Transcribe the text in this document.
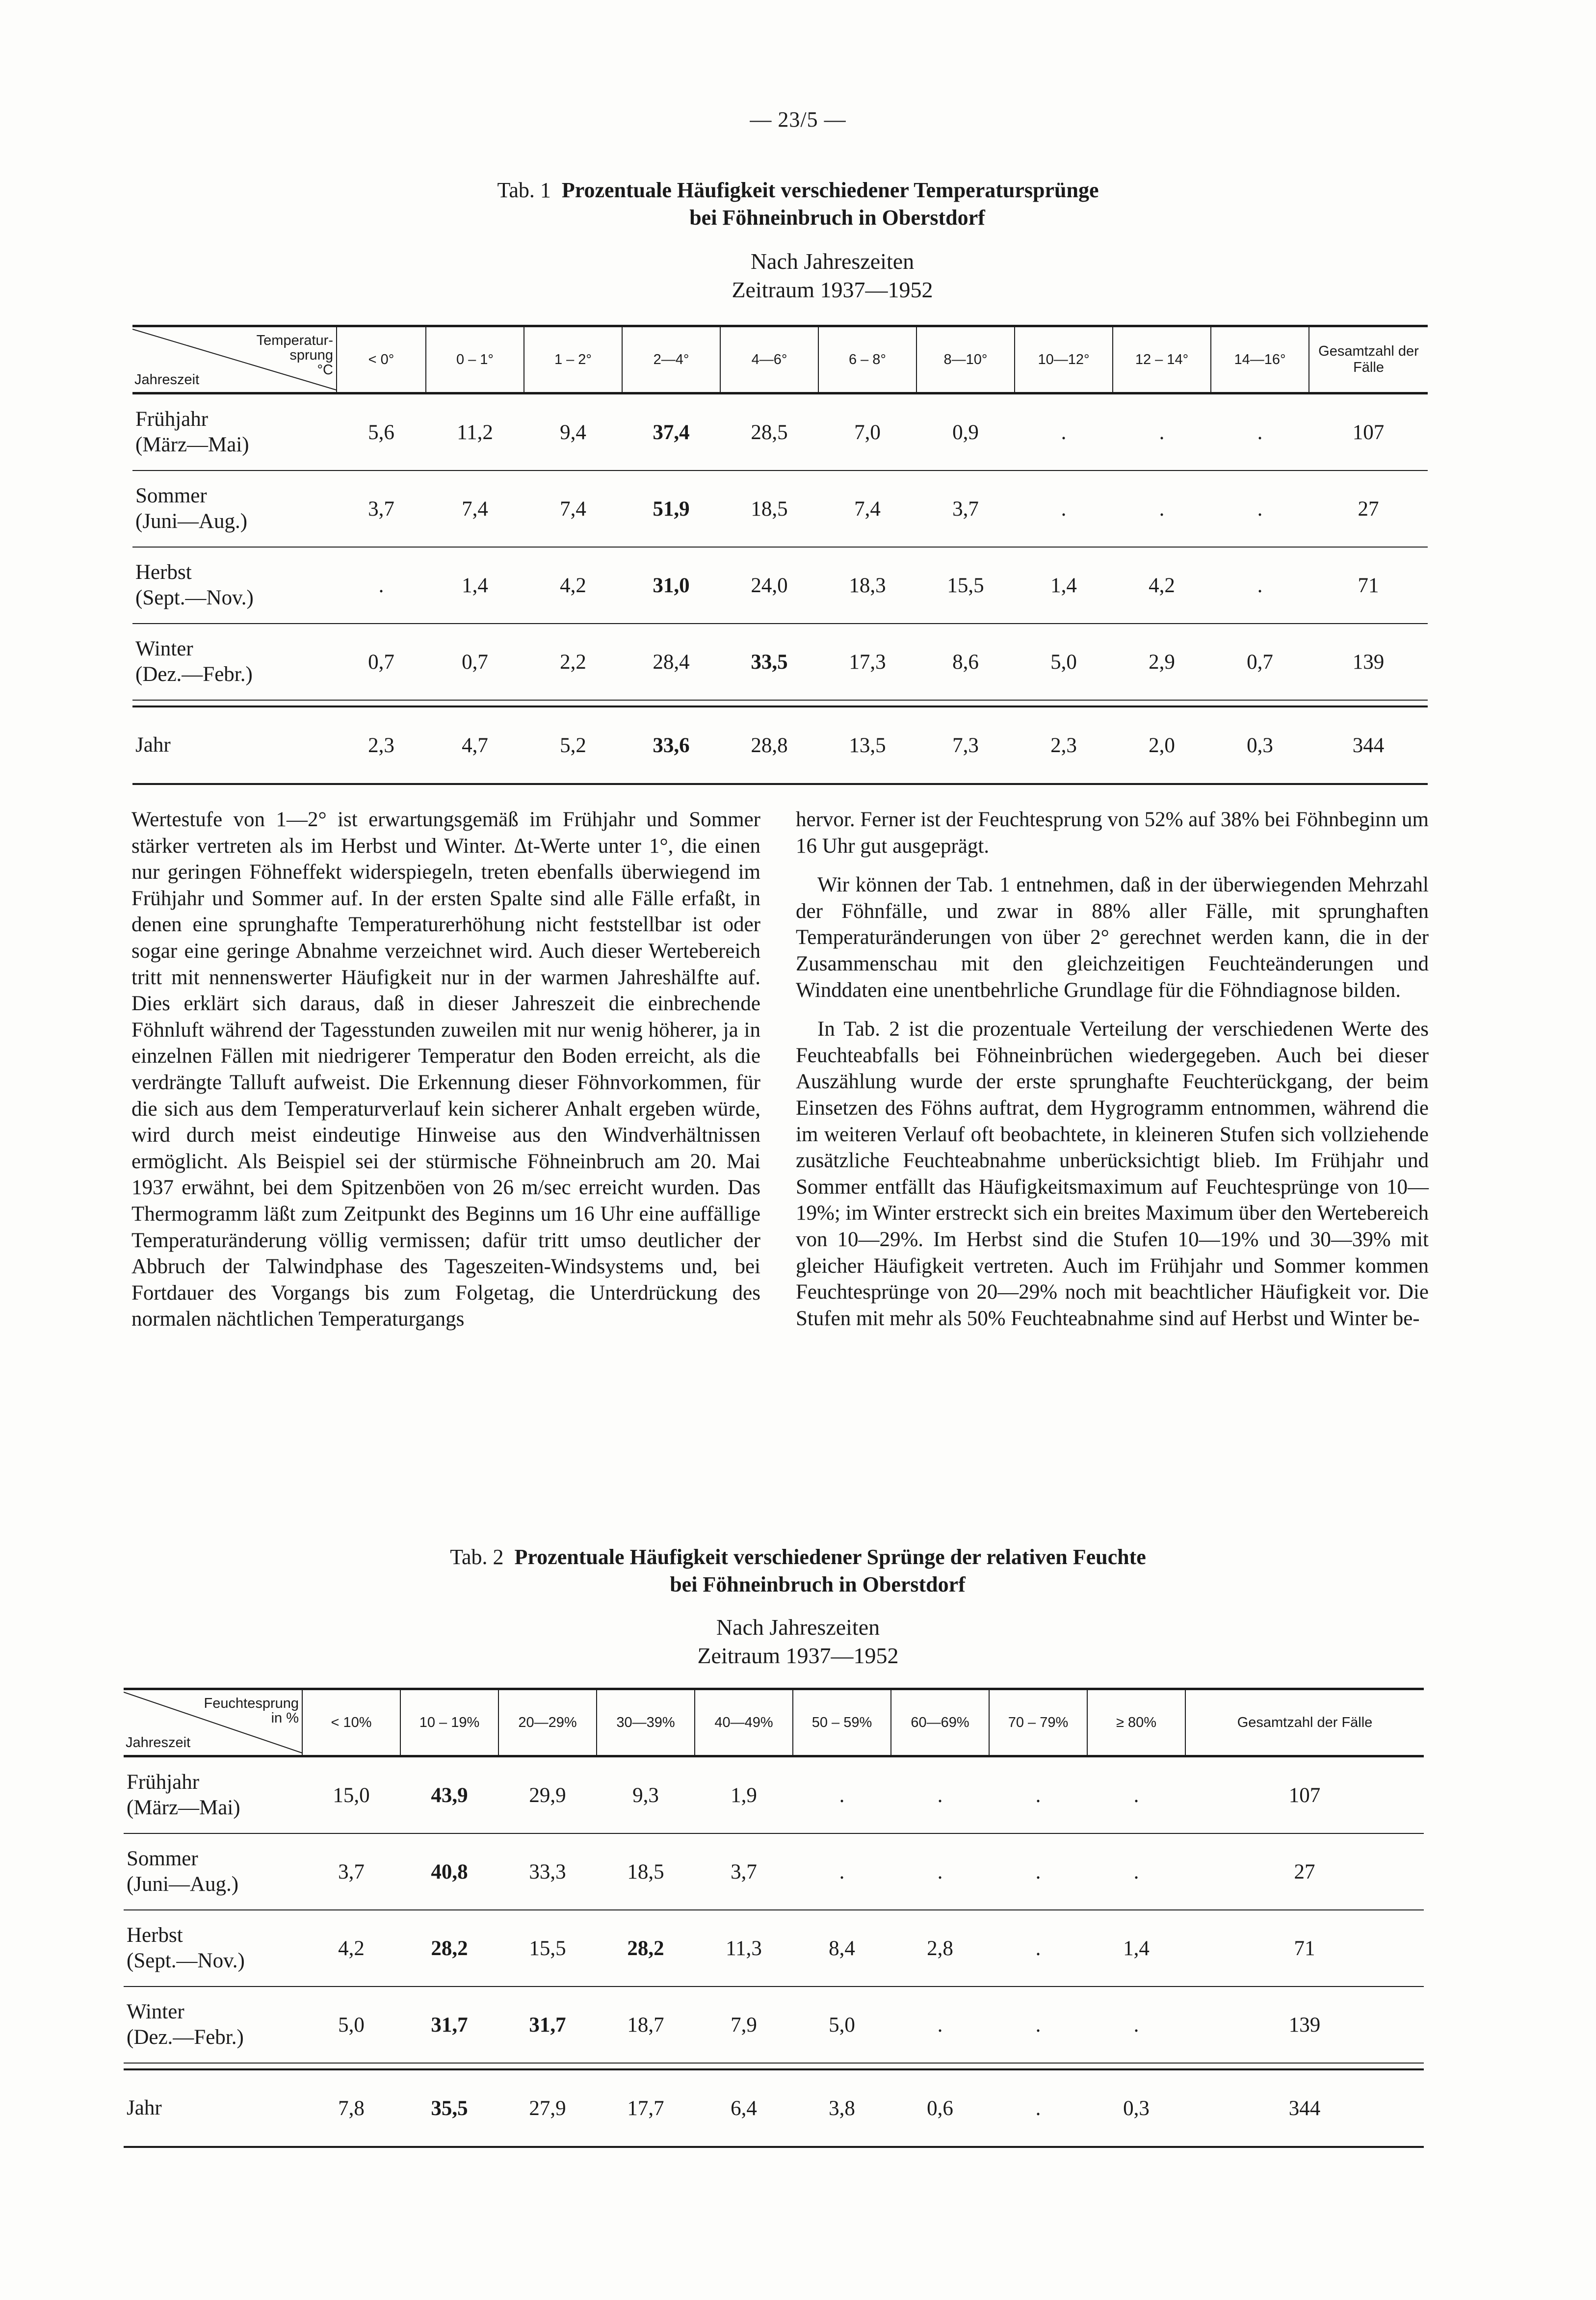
— 23/5 —
Tab. 1 Prozentuale Häufigkeit verschiedener Temperatursprünge
bei Föhneinbruch in Oberstdorf
Nach Jahreszeiten
Zeitraum 1937—1952
Temperatur-
sprung
°C
Jahreszeit	< 0°	0 – 1°	1 – 2°	2—4°	4—6°	6 – 8°	8—10°	10—12°	12 – 14°	14—16°	Gesamtzahl der Fälle

Frühjahr
(März—Mai)	5,6	11,2	9,4	37,4	28,5	7,0	0,9	.	.	.	107

Sommer
(Juni—Aug.)	3,7	7,4	7,4	51,9	18,5	7,4	3,7	.	.	.	27

Herbst
(Sept.—Nov.)	.	1,4	4,2	31,0	24,0	18,3	15,5	1,4	4,2	.	71

Winter
(Dez.—Febr.)	0,7	0,7	2,2	28,4	33,5	17,3	8,6	5,0	2,9	0,7	139

Jahr	2,3	4,7	5,2	33,6	28,8	13,5	7,3	2,3	2,0	0,3	344

Wertestufe von 1—2° ist erwartungsgemäß im Frühjahr und Sommer stärker vertreten als im Herbst und Winter. Δt-Werte unter 1°, die einen nur geringen Föhneffekt widerspiegeln, treten ebenfalls überwiegend im Frühjahr und Sommer auf. In der ersten Spalte sind alle Fälle erfaßt, in denen eine sprunghafte Temperaturerhöhung nicht feststellbar ist oder sogar eine geringe Abnahme verzeichnet wird. Auch dieser Wertebereich tritt mit nennenswerter Häufigkeit nur in der warmen Jahreshälfte auf. Dies erklärt sich daraus, daß in dieser Jahreszeit die einbrechende Föhnluft während der Tagesstunden zuweilen mit nur wenig höherer, ja in einzelnen Fällen mit niedrigerer Temperatur den Boden erreicht, als die verdrängte Talluft aufweist. Die Erkennung dieser Föhnvorkommen, für die sich aus dem Temperaturverlauf kein sicherer Anhalt ergeben würde, wird durch meist eindeutige Hinweise aus den Windverhältnissen ermöglicht. Als Beispiel sei der stürmische Föhneinbruch am 20. Mai 1937 erwähnt, bei dem Spitzenböen von 26 m/sec erreicht wurden. Das Thermogramm läßt zum Zeitpunkt des Beginns um 16 Uhr eine auffällige Temperaturänderung völlig vermissen; dafür tritt umso deutlicher der Abbruch der Talwindphase des Tageszeiten-Windsystems und, bei Fortdauer des Vorgangs bis zum Folgetag, die Unterdrückung des normalen nächtlichen Temperaturgangs

hervor. Ferner ist der Feuchtesprung von 52% auf 38% bei Föhnbeginn um 16 Uhr gut ausgeprägt.

Wir können der Tab. 1 entnehmen, daß in der überwiegenden Mehrzahl der Föhnfälle, und zwar in 88% aller Fälle, mit sprunghaften Temperaturänderungen von über 2° gerechnet werden kann, die in der Zusammenschau mit den gleichzeitigen Feuchteänderungen und Winddaten eine unentbehrliche Grundlage für die Föhndiagnose bilden.

In Tab. 2 ist die prozentuale Verteilung der verschiedenen Werte des Feuchteabfalls bei Föhneinbrüchen wiedergegeben. Auch bei dieser Auszählung wurde der erste sprunghafte Feuchterückgang, der beim Einsetzen des Föhns auftrat, dem Hygrogramm entnommen, während die im weiteren Verlauf oft beobachtete, in kleineren Stufen sich vollziehende zusätzliche Feuchteabnahme unberücksichtigt blieb. Im Frühjahr und Sommer entfällt das Häufigkeitsmaximum auf Feuchtesprünge von 10—19%; im Winter erstreckt sich ein breites Maximum über den Wertebereich von 10—29%. Im Herbst sind die Stufen 10—19% und 30—39% mit gleicher Häufigkeit vertreten. Auch im Frühjahr und Sommer kommen Feuchtesprünge von 20—29% noch mit beachtlicher Häufigkeit vor. Die Stufen mit mehr als 50% Feuchteabnahme sind auf Herbst und Winter be-

Tab. 2 Prozentuale Häufigkeit verschiedener Sprünge der relativen Feuchte
bei Föhneinbruch in Oberstdorf
Nach Jahreszeiten
Zeitraum 1937—1952
Feuchtesprung
in %
Jahreszeit	< 10%	10 – 19%	20—29%	30—39%	40—49%	50 – 59%	60—69%	70 – 79%	≥ 80%	Gesamtzahl der Fälle

Frühjahr
(März—Mai)	15,0	43,9	29,9	9,3	1,9	.	.	.	.	107

Sommer
(Juni—Aug.)	3,7	40,8	33,3	18,5	3,7	.	.	.	.	27

Herbst
(Sept.—Nov.)	4,2	28,2	15,5	28,2	11,3	8,4	2,8	.	1,4	71

Winter
(Dez.—Febr.)	5,0	31,7	31,7	18,7	7,9	5,0	.	.	.	139

Jahr	7,8	35,5	27,9	17,7	6,4	3,8	0,6	.	0,3	344
